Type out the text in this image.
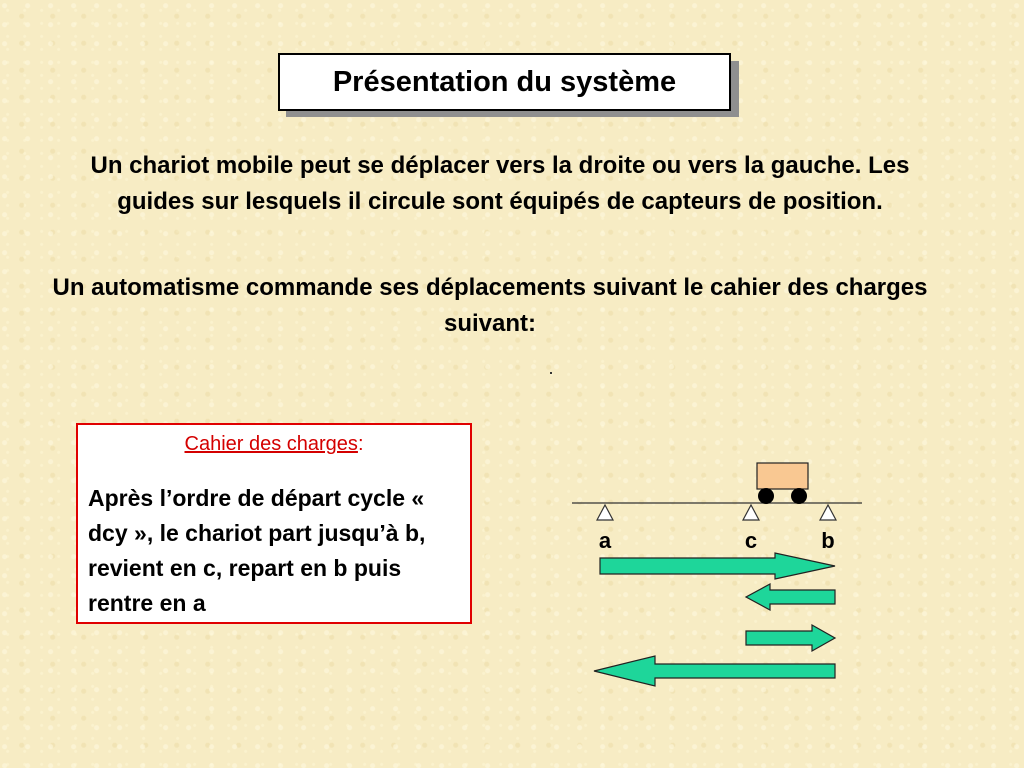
Présentation du système

Un chariot mobile peut se déplacer vers la droite ou vers la gauche. Les guides sur lesquels il circule sont équipés de capteurs de position.

Un automatisme commande ses déplacements suivant le cahier des charges suivant:

Cahier des charges:

Après l’ordre de départ cycle « dcy », le chariot part jusqu’à b, revient en c, repart en b puis rentre en a

a	c	b
